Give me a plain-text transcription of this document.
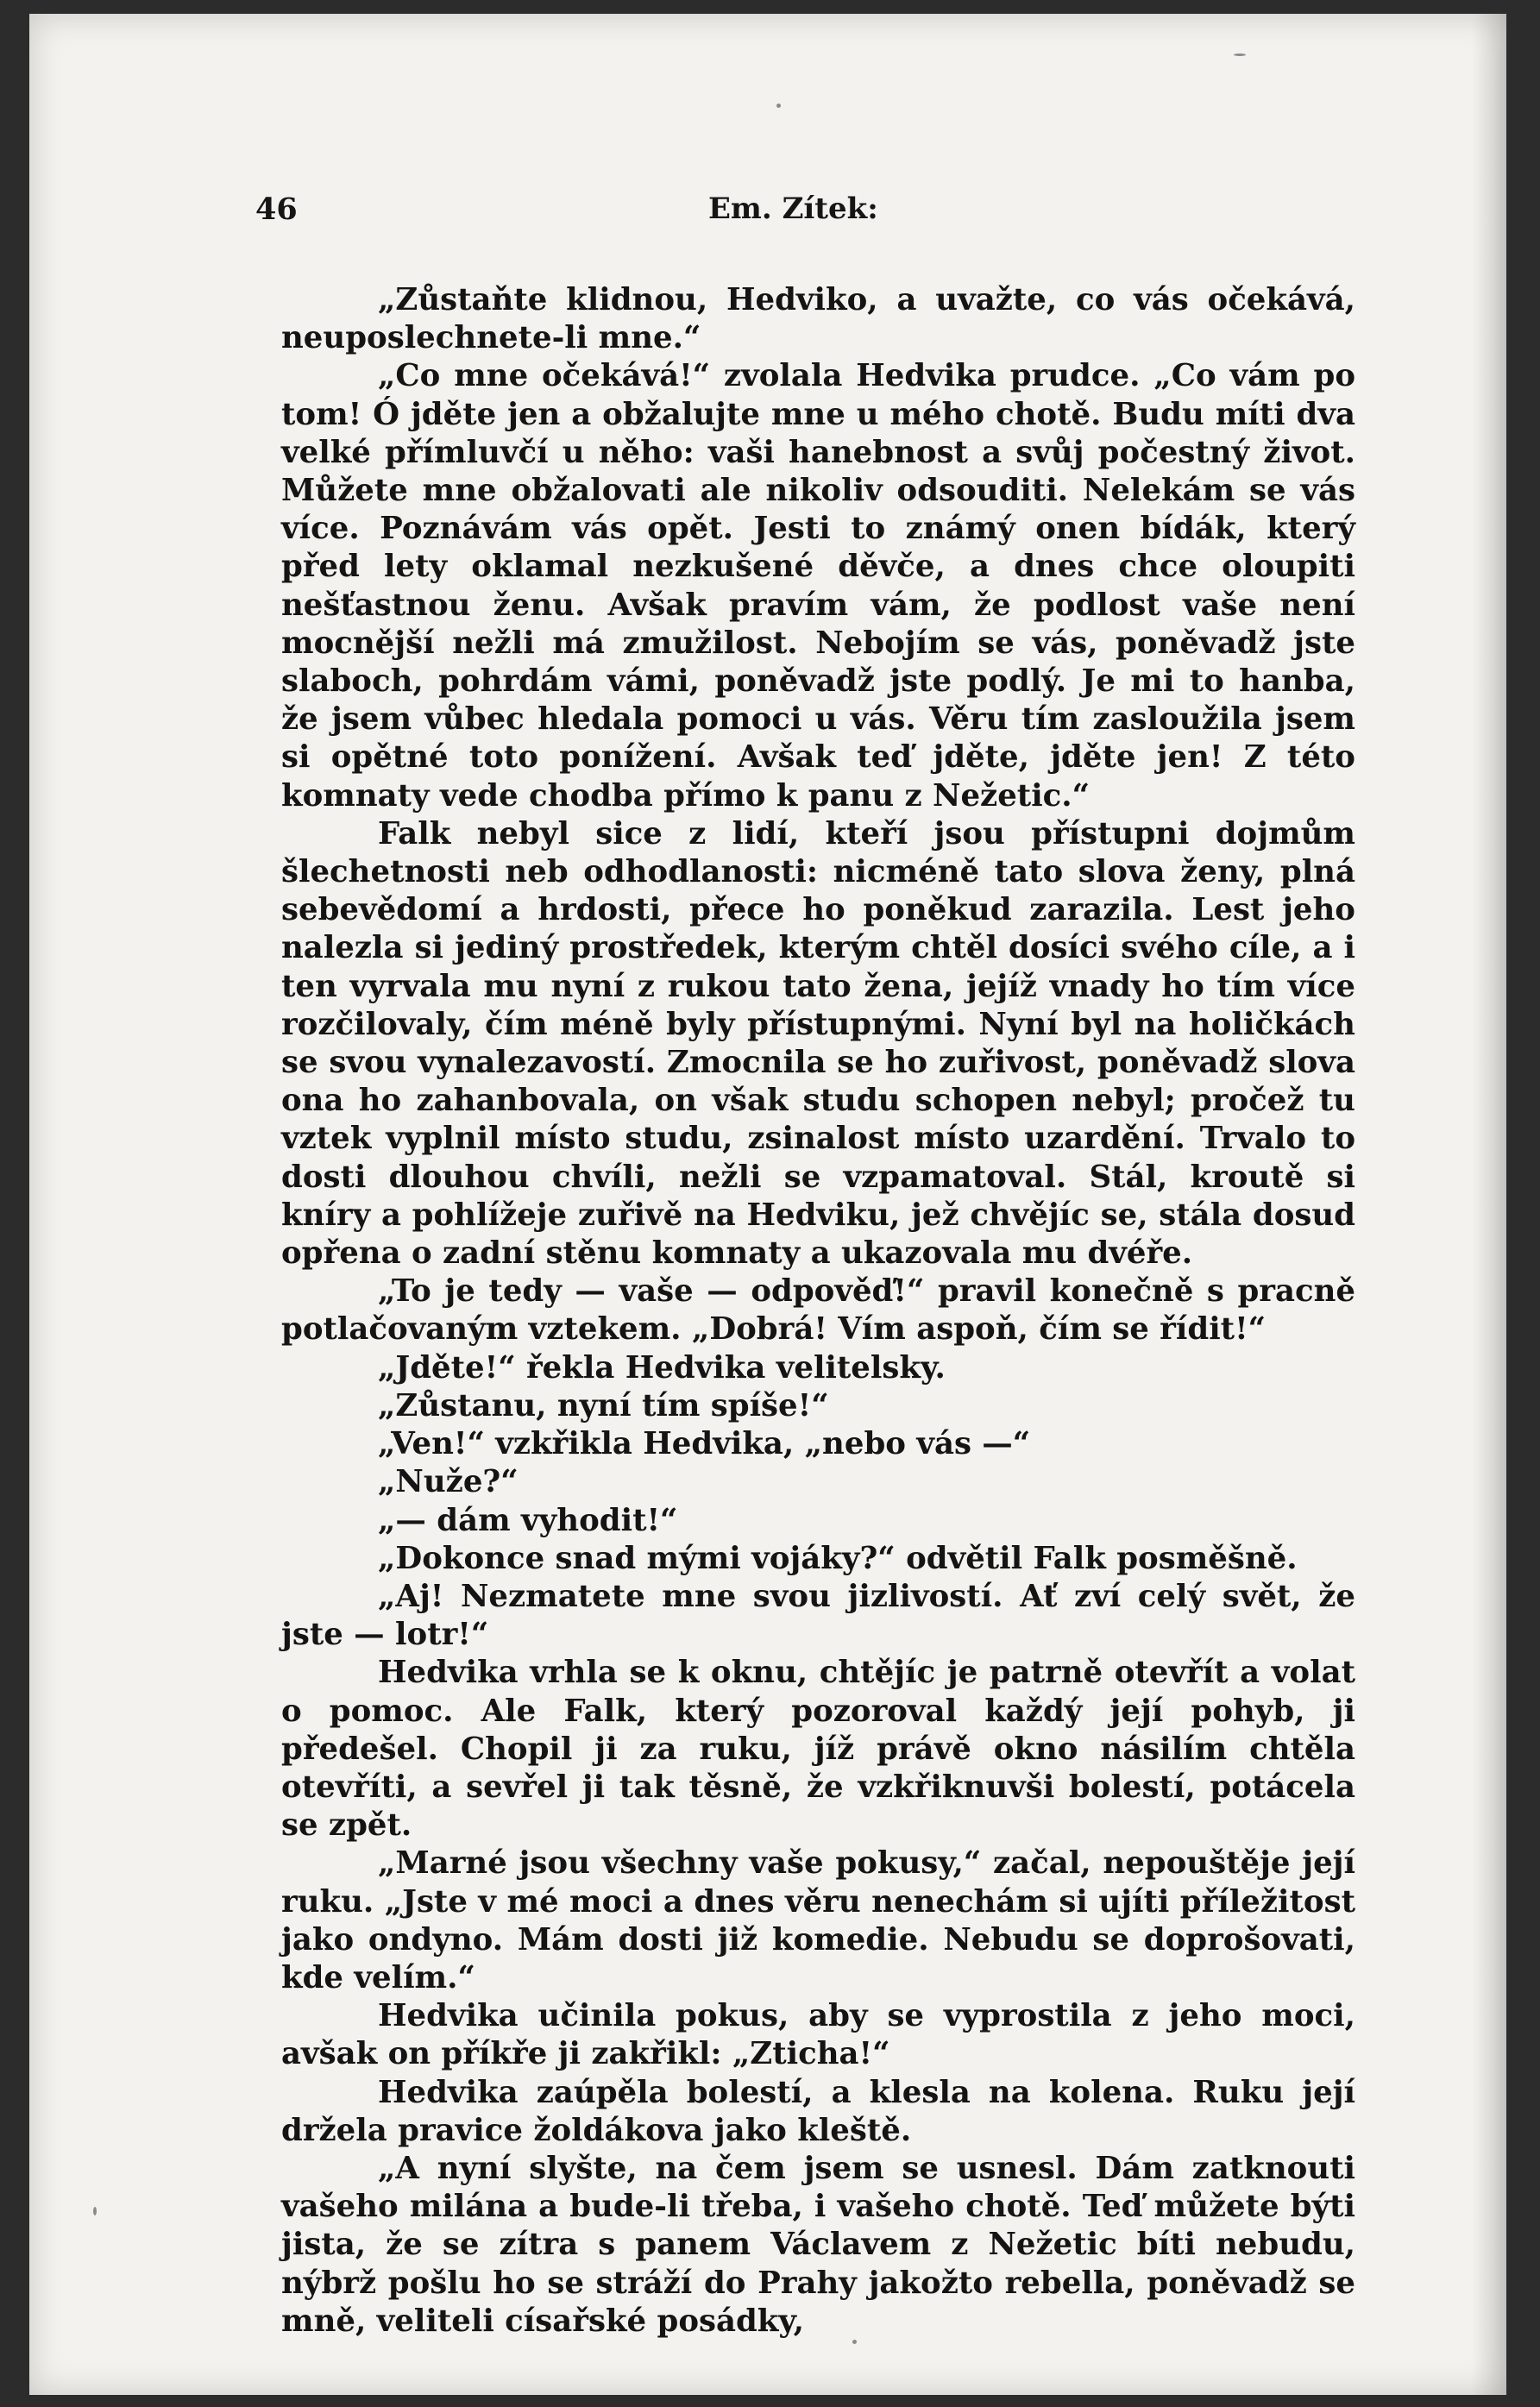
46	Em. Zítek:

„Zůstaňte klidnou, Hedviko, a uvažte, co vás očekává, neuposlechnete-li mne.“

„Co mne očekává!“ zvolala Hedvika prudce. „Co vám po tom! Ó jděte jen a obžalujte mne u mého chotě. Budu míti dva velké přímluvčí u něho: vaši hanebnost a svůj počestný život. Můžete mne obžalovati ale nikoliv odsouditi. Nelekám se vás více. Poznávám vás opět. Jesti to známý onen bídák, který před lety oklamal nezkušené děvče, a dnes chce oloupiti nešťastnou ženu. Avšak pravím vám, že podlost vaše není mocnější nežli má zmužilost. Nebojím se vás, poněvadž jste slaboch, pohrdám vámi, poněvadž jste podlý. Je mi to hanba, že jsem vůbec hledala pomoci u vás. Věru tím zasloužila jsem si opětné toto ponížení. Avšak teď jděte, jděte jen! Z této komnaty vede chodba přímo k panu z Nežetic.“

Falk nebyl sice z lidí, kteří jsou přístupni dojmům šlechetnosti neb odhodlanosti: nicméně tato slova ženy, plná sebevědomí a hrdosti, přece ho poněkud zarazila. Lest jeho nalezla si jediný prostředek, kterým chtěl dosíci svého cíle, a i ten vyrvala mu nyní z rukou tato žena, jejíž vnady ho tím více rozčilovaly, čím méně byly přístupnými. Nyní byl na holičkách se svou vynalezavostí. Zmocnila se ho zuřivost, poněvadž slova ona ho zahanbovala, on však studu schopen nebyl; pročež tu vztek vyplnil místo studu, zsinalost místo uzardění. Trvalo to dosti dlouhou chvíli, nežli se vzpamatoval. Stál, kroutě si kníry a pohlížeje zuřivě na Hedviku, jež chvějíc se, stála dosud opřena o zadní stěnu komnaty a ukazovala mu dvéře.

„To je tedy — vaše — odpověď!“ pravil konečně s pracně potlačovaným vztekem. „Dobrá! Vím aspoň, čím se řídit!“

„Jděte!“ řekla Hedvika velitelsky.

„Zůstanu, nyní tím spíše!“

„Ven!“ vzkřikla Hedvika, „nebo vás —“

„Nuže?“

„— dám vyhodit!“

„Dokonce snad mými vojáky?“ odvětil Falk posměšně.

„Aj! Nezmatete mne svou jizlivostí. Ať zví celý svět, že jste — lotr!“

Hedvika vrhla se k oknu, chtějíc je patrně otevřít a volat o pomoc. Ale Falk, který pozoroval každý její pohyb, ji předešel. Chopil ji za ruku, jíž právě okno násilím chtěla otevříti, a sevřel ji tak těsně, že vzkřiknuvši bolestí, potácela se zpět.

„Marné jsou všechny vaše pokusy,“ začal, nepouštěje její ruku. „Jste v mé moci a dnes věru nenechám si ujíti příležitost jako ondyno. Mám dosti již komedie. Nebudu se doprošovati, kde velím.“

Hedvika učinila pokus, aby se vyprostila z jeho moci, avšak on příkře ji zakřikl: „Zticha!“

Hedvika zaúpěla bolestí, a klesla na kolena. Ruku její držela pravice žoldákova jako kleště.

„A nyní slyšte, na čem jsem se usnesl. Dám zatknouti vašeho milána a bude-li třeba, i vašeho chotě. Teď můžete býti jista, že se zítra s panem Václavem z Nežetic bíti nebudu, nýbrž pošlu ho se stráží do Prahy jakožto rebella, poněvadž se mně, veliteli císařské posádky,
